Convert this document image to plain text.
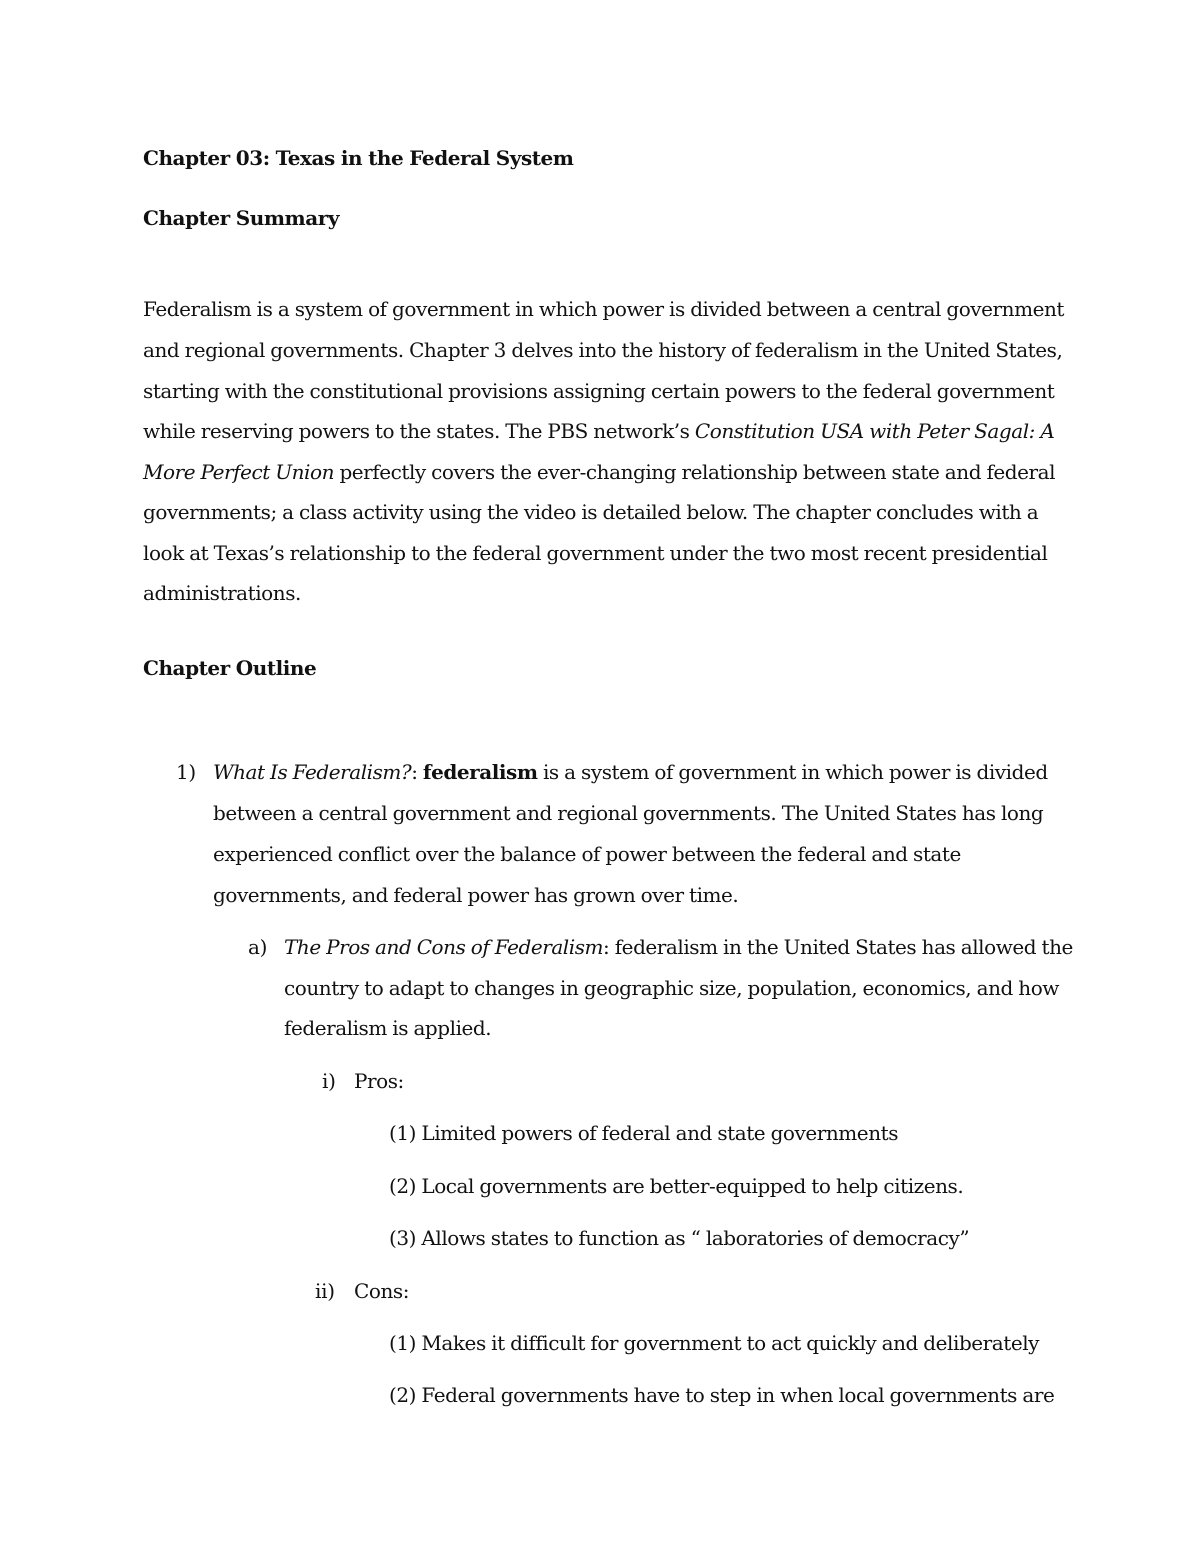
Chapter 03: Texas in the Federal System
Chapter Summary
Federalism is a system of government in which power is divided between a central government
and regional governments. Chapter 3 delves into the history of federalism in the United States,
starting with the constitutional provisions assigning certain powers to the federal government
while reserving powers to the states. The PBS network’s Constitution USA with Peter Sagal: A
More Perfect Union perfectly covers the ever-changing relationship between state and federal
governments; a class activity using the video is detailed below. The chapter concludes with a
look at Texas’s relationship to the federal government under the two most recent presidential
administrations.
Chapter Outline
1) What Is Federalism?: federalism is a system of government in which power is divided
between a central government and regional governments. The United States has long
experienced conflict over the balance of power between the federal and state
governments, and federal power has grown over time.
a) The Pros and Cons of Federalism: federalism in the United States has allowed the
country to adapt to changes in geographic size, population, economics, and how
federalism is applied.
i) Pros:
(1) Limited powers of federal and state governments
(2) Local governments are better-equipped to help citizens.
(3) Allows states to function as “ laboratories of democracy”
ii) Cons:
(1) Makes it difficult for government to act quickly and deliberately
(2) Federal governments have to step in when local governments are
